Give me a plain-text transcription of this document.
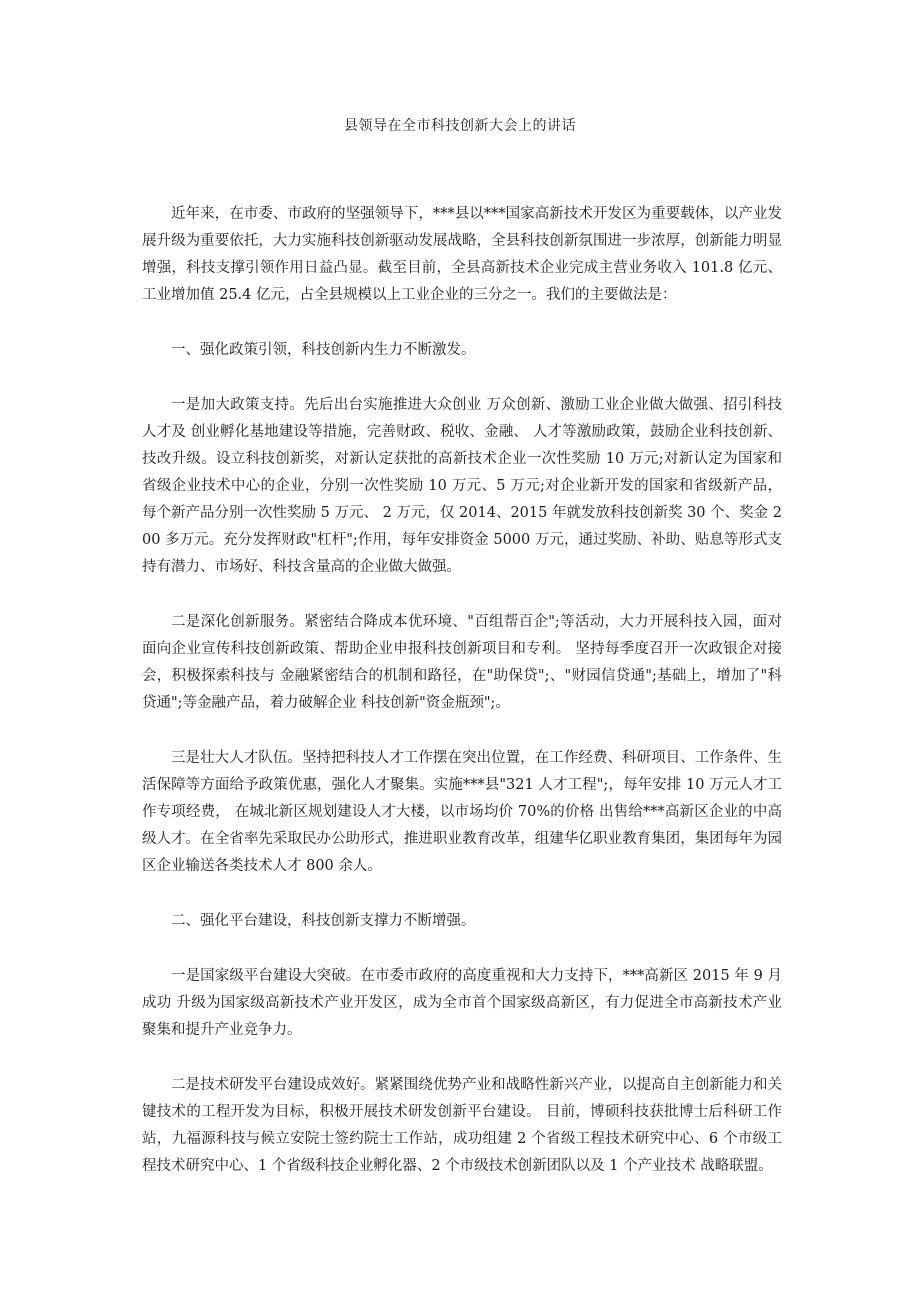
县领导在全市科技创新大会上的讲话

近年来，在市委、市政府的坚强领导下，***县以***国家高新技术开发区为重要载体，以产业发展升级为重要依托，大力实施科技创新驱动发展战略，全县科技创新氛围进一步浓厚，创新能力明显增强，科技支撑引领作用日益凸显。截至目前，全县高新技术企业完成主营业务收入 101.8 亿元、工业增加值 25.4 亿元，占全县规模以上工业企业的三分之一。我们的主要做法是：

一、强化政策引领，科技创新内生力不断激发。

一是加大政策支持。先后出台实施推进大众创业 万众创新、激励工业企业做大做强、招引科技人才及 创业孵化基地建设等措施，完善财政、税收、金融、 人才等激励政策，鼓励企业科技创新、技改升级。设立科技创新奖，对新认定获批的高新技术企业一次性奖励 10 万元;对新认定为国家和省级企业技术中心的企业，分别一次性奖励 10 万元、5 万元;对企业新开发的国家和省级新产品，每个新产品分别一次性奖励 5 万元、 2 万元，仅 2014、2015 年就发放科技创新奖 30 个、奖金 200 多万元。充分发挥财政"杠杆";作用，每年安排资金 5000 万元，通过奖励、补助、贴息等形式支持有潜力、市场好、科技含量高的企业做大做强。

二是深化创新服务。紧密结合降成本优环境、"百组帮百企";等活动，大力开展科技入园，面对面向企业宣传科技创新政策、帮助企业申报科技创新项目和专利。 坚持每季度召开一次政银企对接会，积极探索科技与 金融紧密结合的机制和路径，在"助保贷";、"财园信贷通";基础上，增加了"科贷通";等金融产品，着力破解企业 科技创新"资金瓶颈";。

三是壮大人才队伍。坚持把科技人才工作摆在突出位置，在工作经费、科研项目、工作条件、生活保障等方面给予政策优惠，强化人才聚集。实施***县"321 人才工程";，每年安排 10 万元人才工作专项经费， 在城北新区规划建设人才大楼，以市场均价 70%的价格 出售给***高新区企业的中高级人才。在全省率先采取民办公助形式，推进职业教育改革，组建华亿职业教育集团，集团每年为园区企业输送各类技术人才 800 余人。

二、强化平台建设，科技创新支撑力不断增强。

一是国家级平台建设大突破。在市委市政府的高度重视和大力支持下，***高新区 2015 年 9 月成功 升级为国家级高新技术产业开发区，成为全市首个国家级高新区，有力促进全市高新技术产业聚集和提升产业竞争力。

二是技术研发平台建设成效好。紧紧围绕优势产业和战略性新兴产业，以提高自主创新能力和关键技术的工程开发为目标，积极开展技术研发创新平台建设。 目前，博硕科技获批博士后科研工作站，九福源科技与候立安院士签约院士工作站，成功组建 2 个省级工程技术研究中心、6 个市级工程技术研究中心、1 个省级科技企业孵化器、2 个市级技术创新团队以及 1 个产业技术 战略联盟。
